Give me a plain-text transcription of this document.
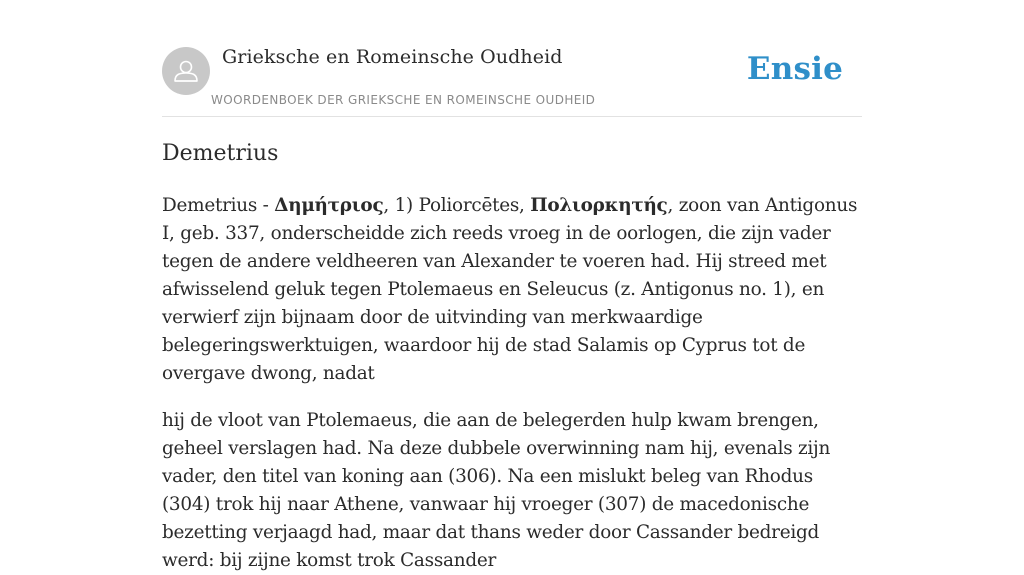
Grieksche en Romeinsche Oudheid
WOORDENBOEK DER GRIEKSCHE EN ROMEINSCHE OUDHEID
Ensie
Demetrius

Demetrius - Δημήτριος, 1) Poliorcētes, Πολιορκητής, zoon van Antigonus I, geb. 337, onderscheidde zich reeds vroeg in de oorlogen, die zijn vader tegen de andere veldheeren van Alexander te voeren had. Hij streed met afwisselend geluk tegen Ptolemaeus en Seleucus (z. Antigonus no. 1), en verwierf zijn bijnaam door de uitvinding van merkwaardige belegeringswerktuigen, waardoor hij de stad Salamis op Cyprus tot de overgave dwong, nadat

hij de vloot van Ptolemaeus, die aan de belegerden hulp kwam brengen, geheel verslagen had. Na deze dubbele overwinning nam hij, evenals zijn vader, den titel van koning aan (306). Na een mislukt beleg van Rhodus (304) trok hij naar Athene, vanwaar hij vroeger (307) de macedonische bezetting verjaagd had, maar dat thans weder door Cassander bedreigd werd: bij zijne komst trok Cassander
